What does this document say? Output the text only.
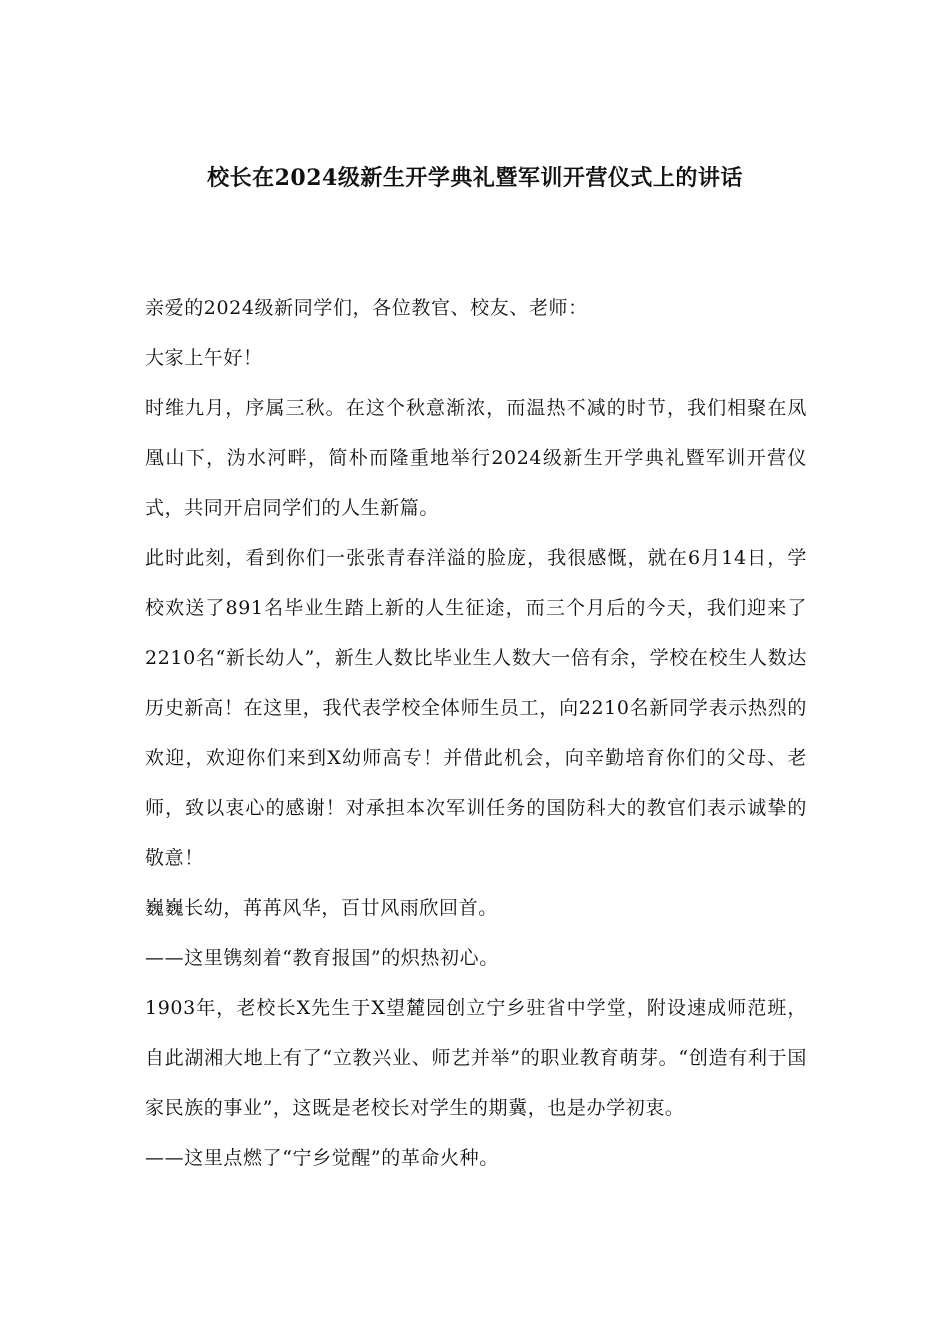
校长在2024级新生开学典礼暨军训开营仪式上的讲话

亲爱的2024级新同学们，各位教官、校友、老师：

大家上午好！

时维九月，序属三秋。在这个秋意渐浓，而温热不减的时节，我们相聚在凤凰山下，沩水河畔，简朴而隆重地举行2024级新生开学典礼暨军训开营仪式，共同开启同学们的人生新篇。

此时此刻，看到你们一张张青春洋溢的脸庞，我很感慨，就在6月14日，学校欢送了891名毕业生踏上新的人生征途，而三个月后的今天，我们迎来了2210名“新长幼人”，新生人数比毕业生人数大一倍有余，学校在校生人数达历史新高！在这里，我代表学校全体师生员工，向2210名新同学表示热烈的欢迎，欢迎你们来到X幼师高专！并借此机会，向辛勤培育你们的父母、老师，致以衷心的感谢！对承担本次军训任务的国防科大的教官们表示诚挚的敬意！

巍巍长幼，苒苒风华，百廿风雨欣回首。

——这里镌刻着“教育报国”的炽热初心。

1903年，老校长X先生于X望麓园创立宁乡驻省中学堂，附设速成师范班，自此湖湘大地上有了“立教兴业、师艺并举”的职业教育萌芽。“创造有利于国家民族的事业”，这既是老校长对学生的期冀，也是办学初衷。

——这里点燃了“宁乡觉醒”的革命火种。
